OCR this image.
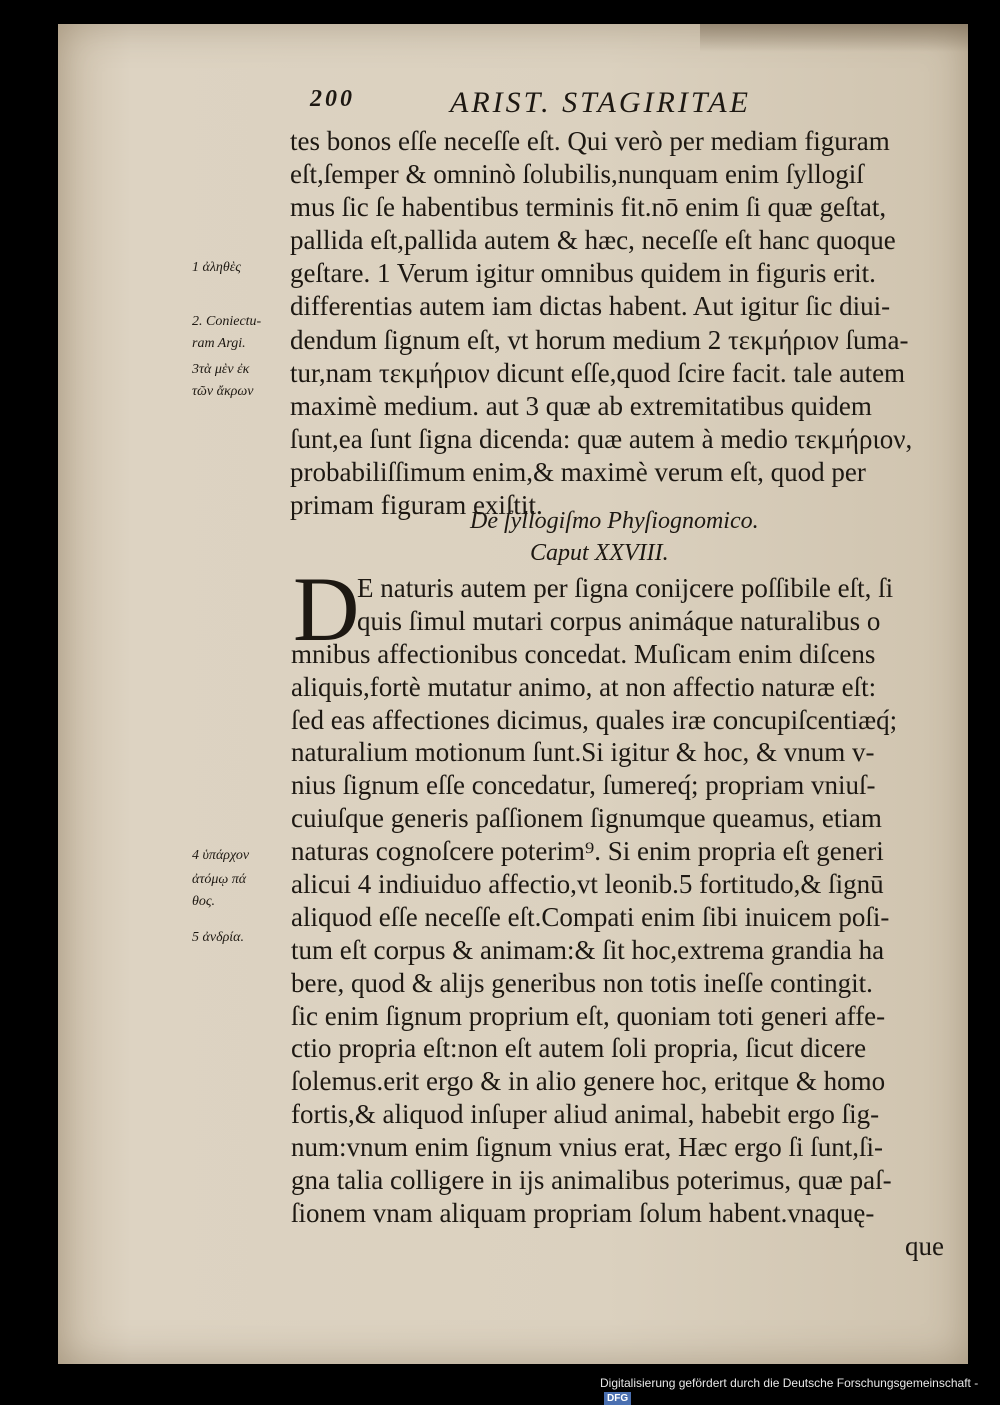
200	ARIST. STAGIRITAE
tes bonos eſſe neceſſe eſt. Qui verò per mediam figuram
eſt,ſemper & omninò ſolubilis,nunquam enim ſyllogiſ
mus ſic ſe habentibus terminis fit.nō enim ſi quæ geſtat,
pallida eſt,pallida autem & hæc, neceſſe eſt hanc quoque
geſtare. 1 Verum igitur omnibus quidem in figuris erit.
differentias autem iam dictas habent. Aut igitur ſic diui-
dendum ſignum eſt, vt horum medium 2 τεκμήριον ſuma-
tur,nam τεκμήριον dicunt eſſe,quod ſcire facit. tale autem
maximè medium. aut 3 quæ ab extremitatibus quidem
ſunt,ea ſunt ſigna dicenda: quæ autem à medio τεκμήριον,
probabiliſſimum enim,& maximè verum eſt, quod per
primam figuram exiſtit.
1 ἀληθὲς
2. Coniectu-
ram Argi.
3τὰ μὲν ἐκ
τῶν ἄκρων
De ſyllogiſmo Phyſiognomico.
Caput XXVIII.
D
E naturis autem per ſigna conijcere poſſibile eſt, ſi
quis ſimul mutari corpus animáque naturalibus o
mnibus affectionibus concedat. Muſicam enim diſcens
aliquis,fortè mutatur animo, at non affectio naturæ eſt:
ſed eas affectiones dicimus, quales iræ concupiſcentiæq́;
naturalium motionum ſunt.Si igitur & hoc, & vnum v-
nius ſignum eſſe concedatur, ſumereq́; propriam vniuſ-
cuiuſque generis paſſionem ſignumque queamus, etiam
naturas cognoſcere poterim⁹. Si enim propria eſt generi
alicui 4 indiuiduo affectio,vt leonib.5 fortitudo,& ſignū
aliquod eſſe neceſſe eſt.Compati enim ſibi inuicem poſi-
tum eſt corpus & animam:& ſit hoc,extrema grandia ha
bere, quod & alijs generibus non totis ineſſe contingit.
ſic enim ſignum proprium eſt, quoniam toti generi affe-
ctio propria eſt:non eſt autem ſoli propria, ſicut dicere
ſolemus.erit ergo & in alio genere hoc, eritque & homo
fortis,& aliquod inſuper aliud animal, habebit ergo ſig-
num:vnum enim ſignum vnius erat, Hæc ergo ſi ſunt,ſi-
gna talia colligere in ijs animalibus poterimus, quæ paſ-
ſionem vnam aliquam propriam ſolum habent.vnaquę-
que
4 ὑπάρχον
ἀτόμῳ πά
θος.
5 ἀνδρία.
Digitalisierung gefördert durch die Deutsche Forschungsgemeinschaft -DFG
